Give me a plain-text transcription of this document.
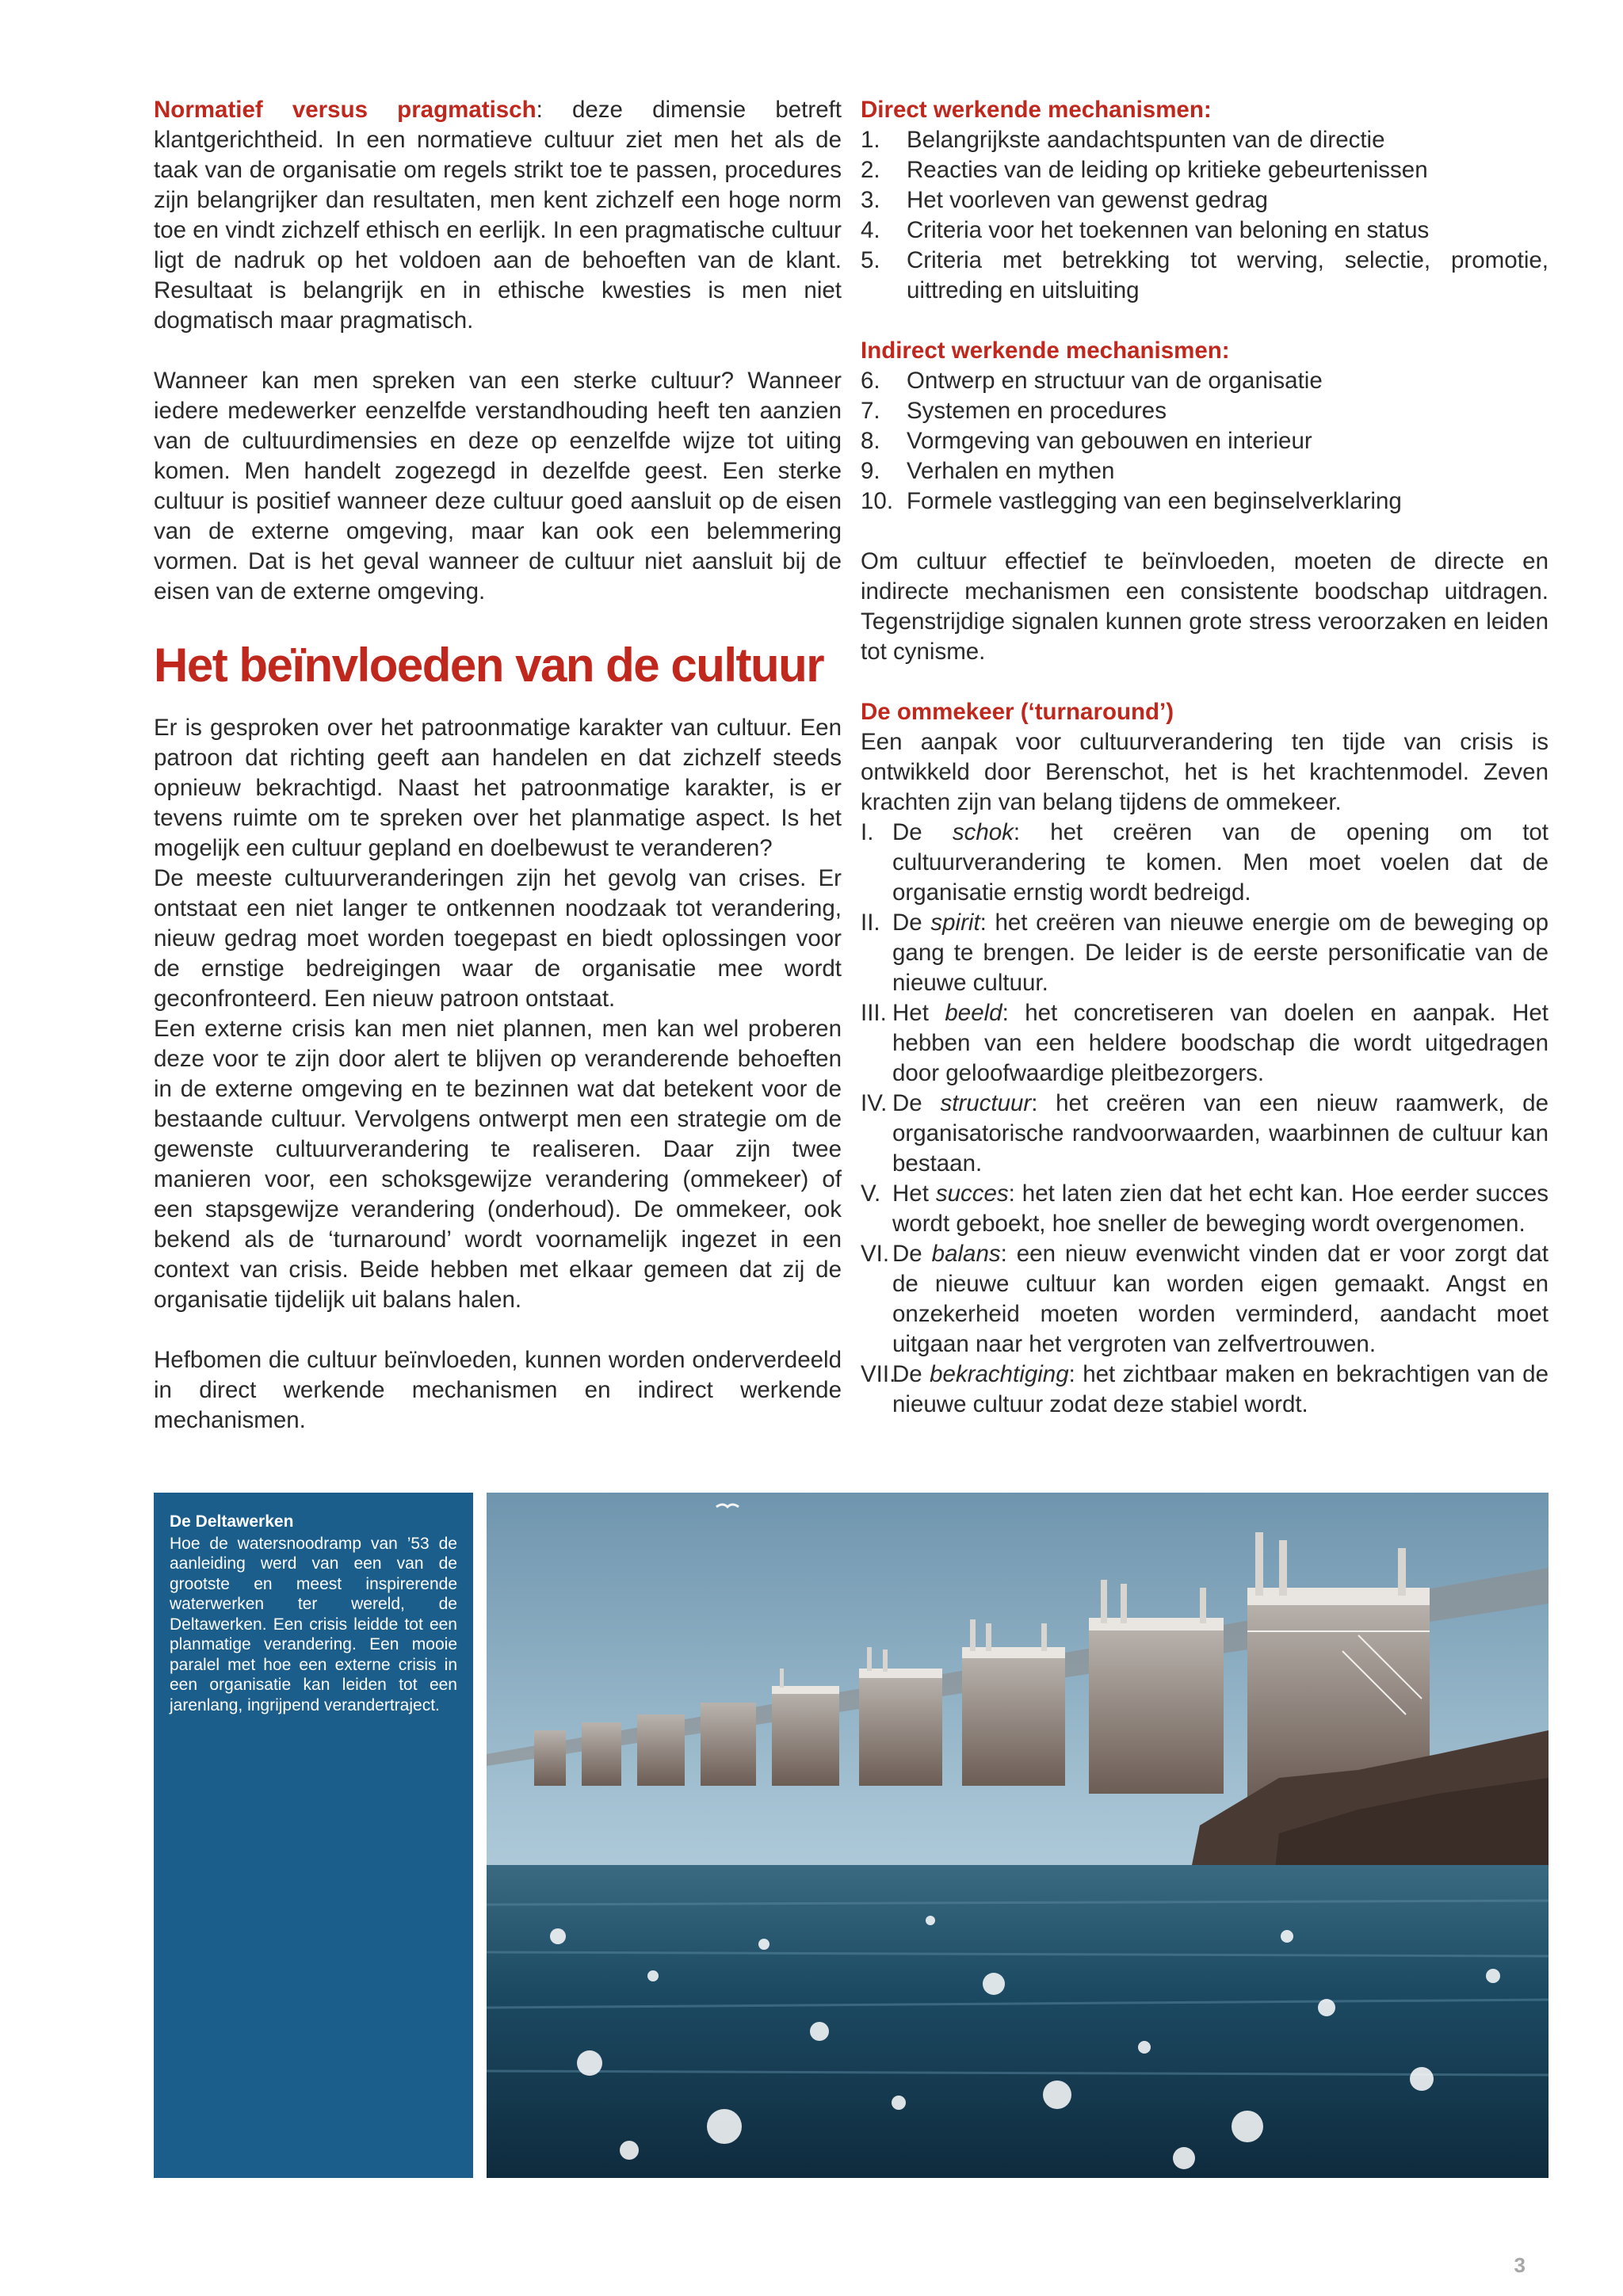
Normatief versus pragmatisch: deze dimensie betreft klantgerichtheid. In een normatieve cultuur ziet men het als de taak van de organisatie om regels strikt toe te passen, procedures zijn belangrijker dan resultaten, men kent zichzelf een hoge norm toe en vindt zichzelf ethisch en eerlijk. In een pragmatische cultuur ligt de nadruk op het voldoen aan de behoeften van de klant. Resultaat is belangrijk en in ethische kwesties is men niet dogmatisch maar pragmatisch.

Wanneer kan men spreken van een sterke cultuur? Wanneer iedere medewerker eenzelfde verstandhouding heeft ten aanzien van de cultuurdimensies en deze op eenzelfde wijze tot uiting komen. Men handelt zogezegd in dezelfde geest. Een sterke cultuur is positief wanneer deze cultuur goed aansluit op de eisen van de externe omgeving, maar kan ook een belemmering vormen. Dat is het geval wanneer de cultuur niet aansluit bij de eisen van de externe omgeving.

Het beïnvloeden van de cultuur

Er is gesproken over het patroonmatige karakter van cultuur. Een patroon dat richting geeft aan handelen en dat zichzelf steeds opnieuw bekrachtigd. Naast het patroonmatige karakter, is er tevens ruimte om te spreken over het planmatige aspect. Is het mogelijk een cultuur gepland en doelbewust te veranderen?

De meeste cultuurveranderingen zijn het gevolg van crises. Er ontstaat een niet langer te ontkennen noodzaak tot verandering, nieuw gedrag moet worden toegepast en biedt oplossingen voor de ernstige bedreigingen waar de organisatie mee wordt geconfronteerd. Een nieuw patroon ontstaat.

Een externe crisis kan men niet plannen, men kan wel proberen deze voor te zijn door alert te blijven op veranderende behoeften in de externe omgeving en te bezinnen wat dat betekent voor de bestaande cultuur. Vervolgens ontwerpt men een strategie om de gewenste cultuurverandering te realiseren. Daar zijn twee manieren voor, een schoksgewijze verandering (ommekeer) of een stapsgewijze verandering (onderhoud). De ommekeer, ook bekend als de ‘turnaround’ wordt voornamelijk ingezet in een context van crisis. Beide hebben met elkaar gemeen dat zij de organisatie tijdelijk uit balans halen.

Hefbomen die cultuur beïnvloeden, kunnen worden onderverdeeld in direct werkende mechanismen en indirect werkende mechanismen.

Direct werkende mechanismen:

1. Belangrijkste aandachtspunten van de directie
2. Reacties van de leiding op kritieke gebeurtenissen
3. Het voorleven van gewenst gedrag
4. Criteria voor het toekennen van beloning en status
5. Criteria met betrekking tot werving, selectie, promotie, uittreding en uitsluiting

Indirect werkende mechanismen:

6. Ontwerp en structuur van de organisatie
7. Systemen en procedures
8. Vormgeving van gebouwen en interieur
9. Verhalen en mythen
10. Formele vastlegging van een beginselverklaring

Om cultuur effectief te beïnvloeden, moeten de directe en indirecte mechanismen een consistente boodschap uitdragen. Tegenstrijdige signalen kunnen grote stress veroorzaken en leiden tot cynisme.

De ommekeer (‘turnaround’)

Een aanpak voor cultuurverandering ten tijde van crisis is ontwikkeld door Berenschot, het is het krachtenmodel. Zeven krachten zijn van belang tijdens de ommekeer.

I. De schok: het creëren van de opening om tot cultuurverandering te komen. Men moet voelen dat de organisatie ernstig wordt bedreigd.
II. De spirit: het creëren van nieuwe energie om de beweging op gang te brengen. De leider is de eerste personificatie van de nieuwe cultuur.
III. Het beeld: het concretiseren van doelen en aanpak. Het hebben van een heldere boodschap die wordt uitgedragen door geloofwaardige pleitbezorgers.
IV. De structuur: het creëren van een nieuw raamwerk, de organisatorische randvoorwaarden, waarbinnen de cultuur kan bestaan.
V. Het succes: het laten zien dat het echt kan. Hoe eerder succes wordt geboekt, hoe sneller de beweging wordt overgenomen.
VI. De balans: een nieuw evenwicht vinden dat er voor zorgt dat de nieuwe cultuur kan worden eigen gemaakt. Angst en onzekerheid moeten worden verminderd, aandacht moet uitgaan naar het vergroten van zelfvertrouwen.
VII.
De bekrachtiging: het zichtbaar maken en bekrachtigen van de nieuwe cultuur zodat deze stabiel wordt.
De Deltawerken
Hoe de watersnoodramp van ’53 de aanleiding werd van een van de grootste en meest inspirerende waterwerken ter wereld, de Deltawerken. Een crisis leidde tot een planmatige verandering. Een mooie paralel met hoe een externe crisis in een organisatie kan leiden tot een jarenlang, ingrijpend verandertraject.
3
